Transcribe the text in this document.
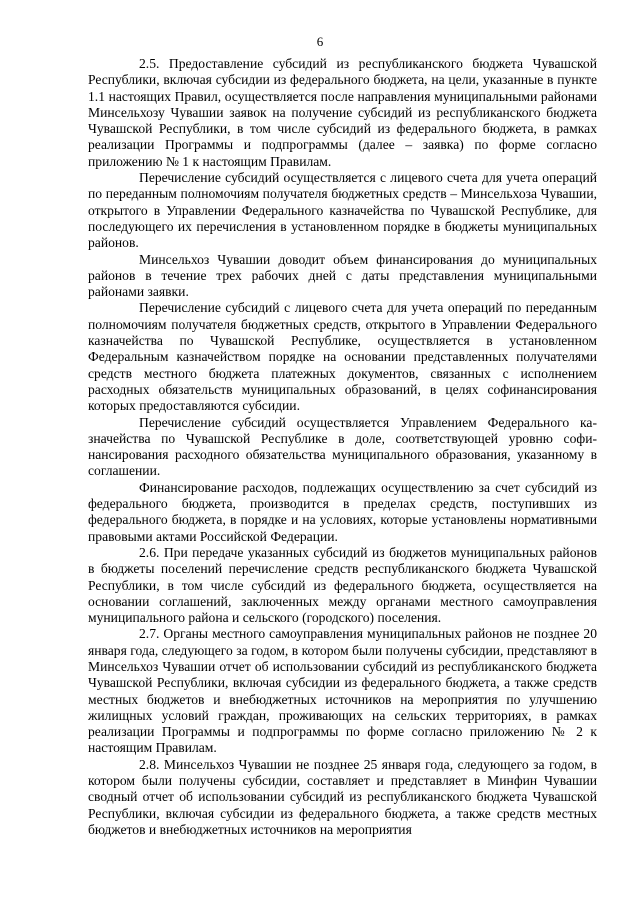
6

2.5. Предоставление субсидий из республиканского бюджета Чувашской Республики, включая субсидии из федерального бюджета, на цели, указанные в пункте 1.1 настоящих Правил, осуществляется после направления муниципальными районами Минсельхозу Чувашии заявок на получение субсидий из республиканского бюджета Чувашской Республики, в том числе субсидий из федерального бюджета, в рамках реализации Программы и подпрограммы (далее – заявка) по форме согласно приложению № 1 к настоящим Правилам.

Перечисление субсидий осуществляется с лицевого счета для учета операций по переданным полномочиям получателя бюджетных средств – Минсельхоза Чувашии, открытого в Управлении Федерального казначейства по Чувашской Республике, для последующего их перечисления в установленном порядке в бюджеты муниципальных районов.

Минсельхоз Чувашии доводит объем финансирования до муниципальных районов в течение трех рабочих дней с даты представления муниципальными районами заявки.

Перечисление субсидий с лицевого счета для учета операций по переданным полномочиям получателя бюджетных средств, открытого в Управлении Федерального казначейства по Чувашской Республике, осуществляется в установленном Федеральным казначейством порядке на основании представленных получателями средств местного бюджета платежных документов, связанных с исполнением расходных обязательств муниципальных образований, в целях софинансирования которых предоставляются субсидии.

Перечисление субсидий осуществляется Управлением Федерального казначейства по Чувашской Республике в доле, соответствующей уровню софинансирования расходного обязательства муниципального образования, указанному в соглашении.

Финансирование расходов, подлежащих осуществлению за счет субсидий из федерального бюджета, производится в пределах средств, поступивших из федерального бюджета, в порядке и на условиях, которые установлены нормативными правовыми актами Российской Федерации.

2.6. При передаче указанных субсидий из бюджетов муниципальных районов в бюджеты поселений перечисление средств республиканского бюджета Чувашской Республики, в том числе субсидий из федерального бюджета, осуществляется на основании соглашений, заключенных между органами местного самоуправления муниципального района и сельского (городского) поселения.

2.7. Органы местного самоуправления муниципальных районов не позднее 20 января года, следующего за годом, в котором были получены субсидии, представляют в Минсельхоз Чувашии отчет об использовании субсидий из республиканского бюджета Чувашской Республики, включая субсидии из федерального бюджета, а также средств местных бюджетов и внебюджетных источников на мероприятия по улучшению жилищных условий граждан, проживающих на сельских территориях, в рамках реализации Программы и подпрограммы по форме согласно приложению № 2 к настоящим Правилам.

2.8. Минсельхоз Чувашии не позднее 25 января года, следующего за годом, в котором были получены субсидии, составляет и представляет в Минфин Чувашии сводный отчет об использовании субсидий из республиканского бюджета Чувашской Республики, включая субсидии из федерального бюджета, а также средств местных бюджетов и внебюджетных источников на мероприятия
